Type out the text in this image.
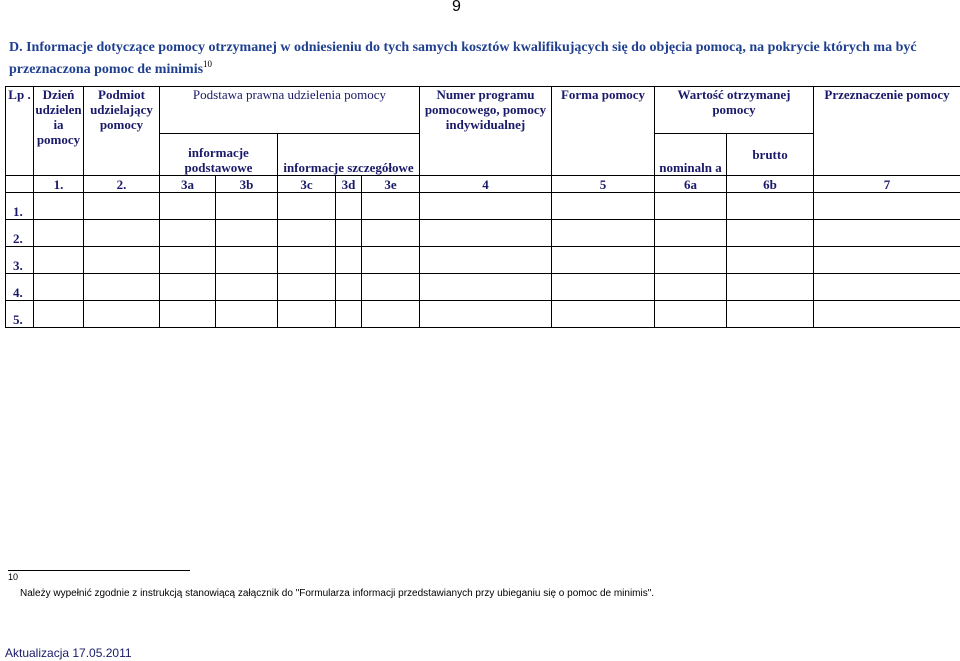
9
D. Informacje dotyczące pomocy otrzymanej w odniesieniu do tych samych kosztów kwalifikujących się do objęcia pomocą, na pokrycie których ma być przeznaczona pomoc de minimis$^{10}$
Lp .	Dzień udzielen ia pomocy	Podmiot udzielający pomocy	Podstawa prawna udzielenia pomocy					Numer programu pomocowego, pomocy indywidualnej	Forma pomocy	Wartość otrzymanej pomocy		Przeznaczenie pomocy
			informacje podstawowe		informacje szczegółowe					nominaln a	brutto	
	1.	2.	3a	3b	3c	3d	3e	4	5	6a	6b	7
1.												
2.												
3.												
4.												
5.												
$^{10}$Należy wypełnić zgodnie z instrukcją stanowiącą załącznik do "Formularza informacji przedstawianych przy ubieganiu się o pomoc de minimis".
Aktualizacja 17.05.2011
